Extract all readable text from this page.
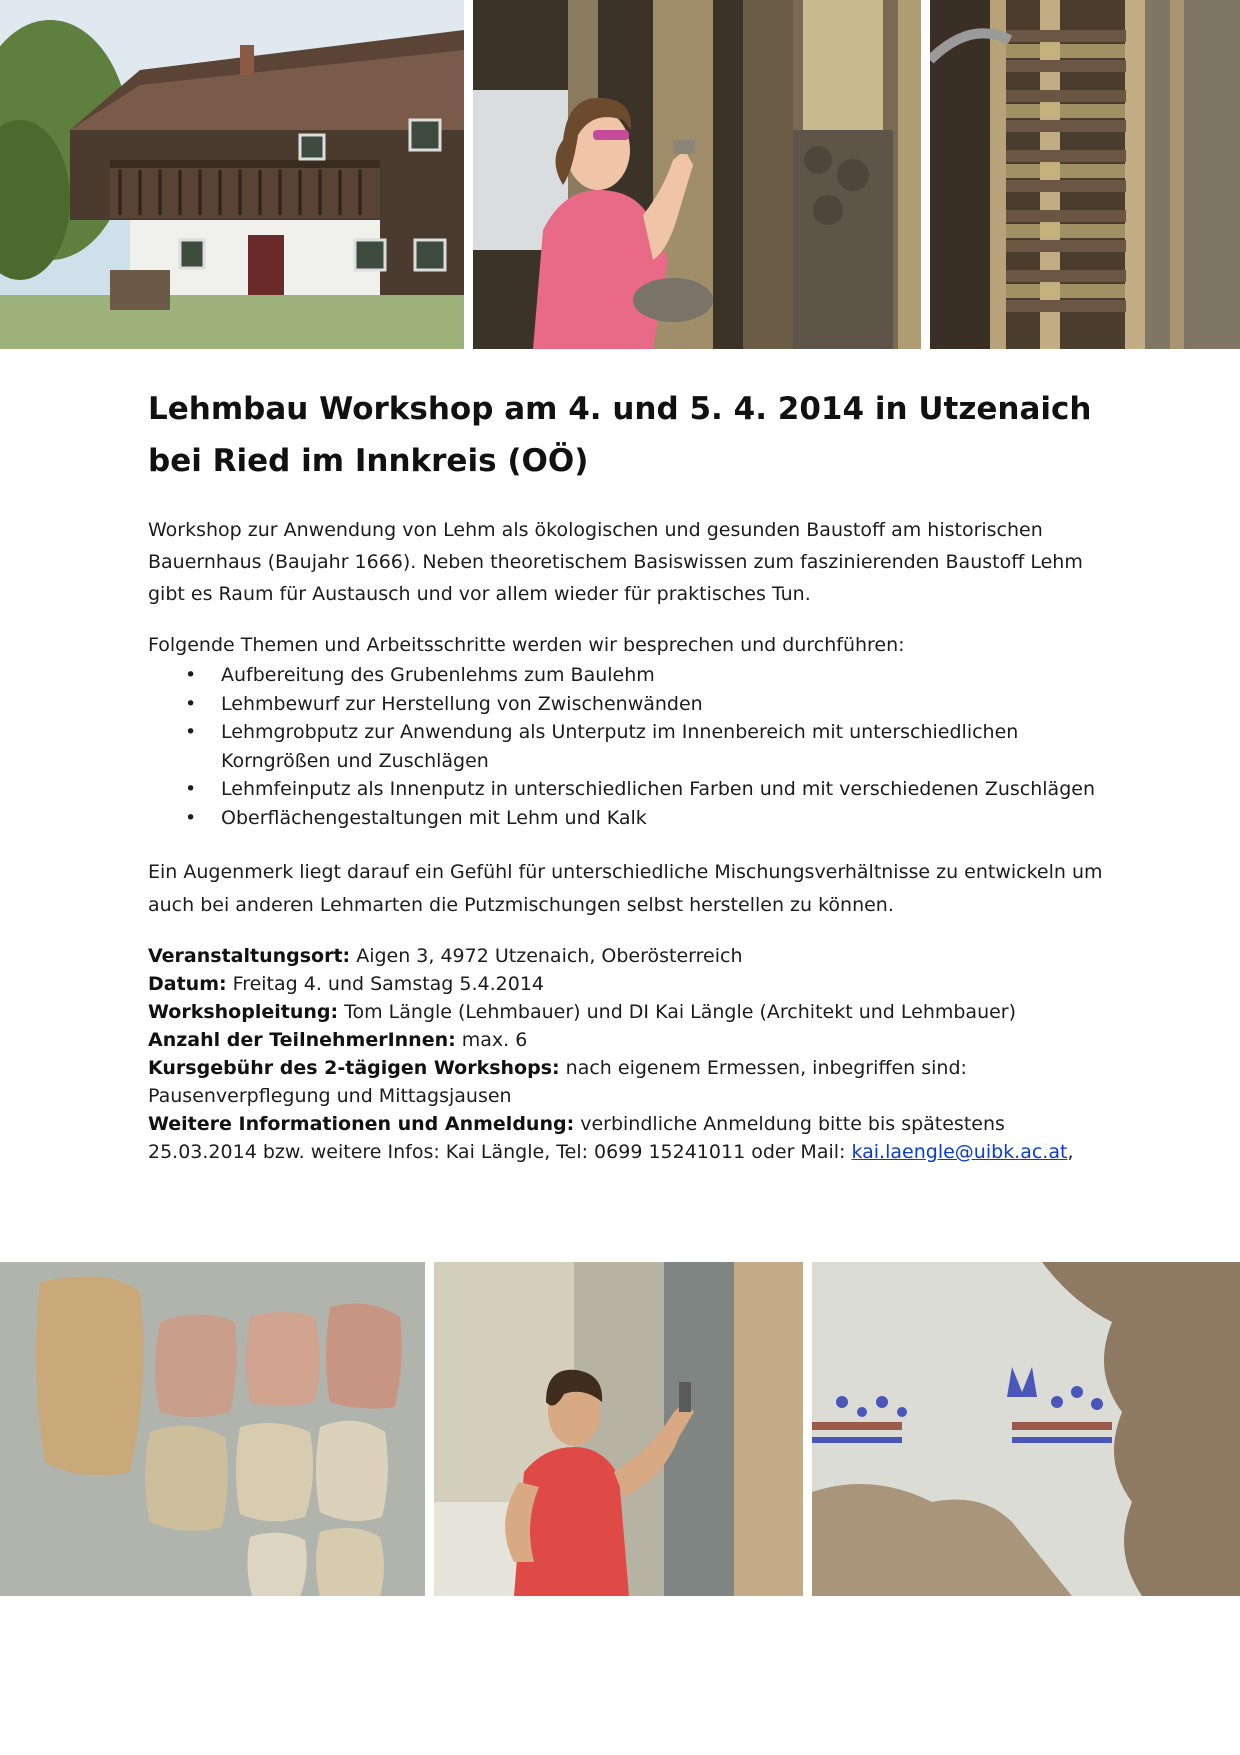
Lehmbau Workshop am 4. und 5. 4. 2014 in Utzenaich bei Ried im Innkreis (OÖ)

Workshop zur Anwendung von Lehm als ökologischen und gesunden Baustoff am historischen Bauernhaus (Baujahr 1666). Neben theoretischem Basiswissen zum faszinierenden Baustoff Lehm gibt es Raum für Austausch und vor allem wieder für praktisches Tun.

Folgende Themen und Arbeitsschritte werden wir besprechen und durchführen:

• Aufbereitung des Grubenlehms zum Baulehm
• Lehmbewurf zur Herstellung von Zwischenwänden
• Lehmgrobputz zur Anwendung als Unterputz im Innenbereich mit unterschiedlichen Korngrößen und Zuschlägen
• Lehmfeinputz als Innenputz in unterschiedlichen Farben und mit verschiedenen Zuschlägen
• Oberflächengestaltungen mit Lehm und Kalk

Ein Augenmerk liegt darauf ein Gefühl für unterschiedliche Mischungsverhältnisse zu entwickeln um auch bei anderen Lehmarten die Putzmischungen selbst herstellen zu können.

Veranstaltungsort: Aigen 3, 4972 Utzenaich, Oberösterreich
Datum: Freitag 4. und Samstag 5.4.2014
Workshopleitung: Tom Längle (Lehmbauer) und DI Kai Längle (Architekt und Lehmbauer)
Anzahl der TeilnehmerInnen: max. 6
Kursgebühr des 2-tägigen Workshops: nach eigenem Ermessen, inbegriffen sind: Pausenverpflegung und Mittagsjausen
Weitere Informationen und Anmeldung: verbindliche Anmeldung bitte bis spätestens 25.03.2014 bzw. weitere Infos: Kai Längle, Tel: 0699 15241011 oder Mail: kai.laengle@uibk.ac.at,
